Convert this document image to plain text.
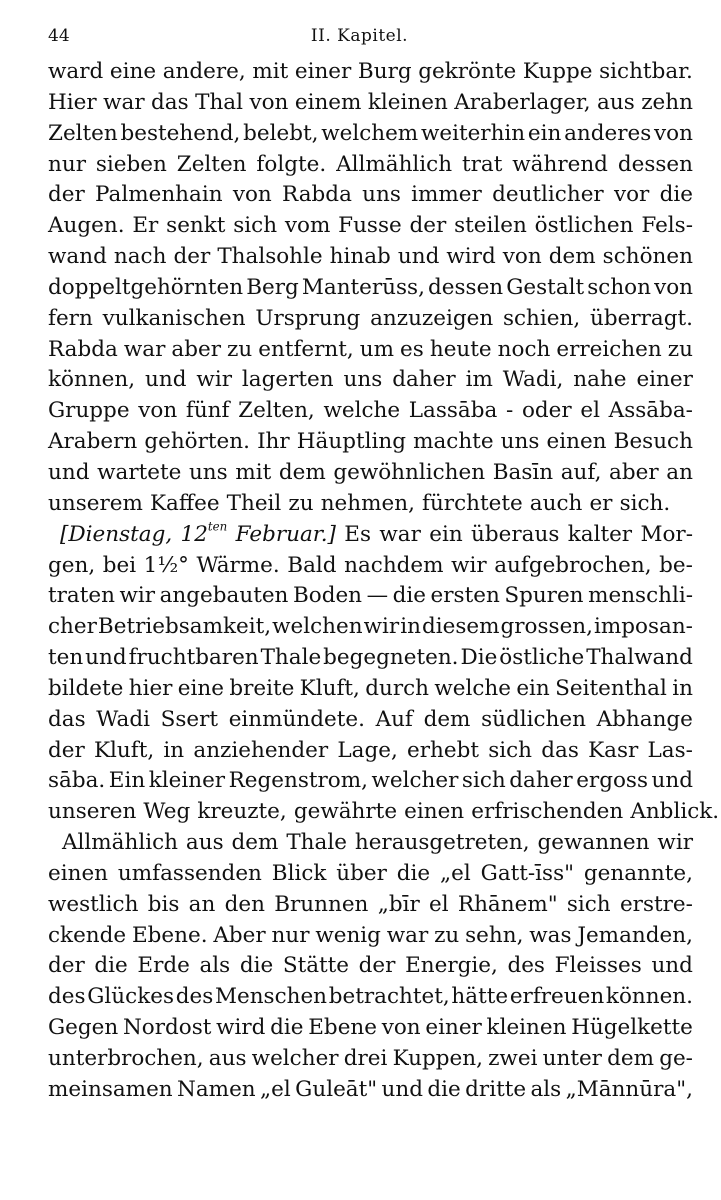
44	II. Kapitel.
ward eine andere, mit einer Burg gekrönte Kuppe sichtbar.
Hier war das Thal von einem kleinen Araberlager, aus zehn
Zelten bestehend, belebt, welchem weiterhin ein anderes von
nur sieben Zelten folgte. Allmählich trat während dessen
der Palmenhain von Rabda uns immer deutlicher vor die
Augen. Er senkt sich vom Fusse der steilen östlichen Fels-
wand nach der Thalsohle hinab und wird von dem schönen
doppeltgehörnten Berg Manterūss, dessen Gestalt schon von
fern vulkanischen Ursprung anzuzeigen schien, überragt.
Rabda war aber zu entfernt, um es heute noch erreichen zu
können, und wir lagerten uns daher im Wadi, nahe einer
Gruppe von fünf Zelten, welche Lassāba - oder el Assāba-
Arabern gehörten. Ihr Häuptling machte uns einen Besuch
und wartete uns mit dem gewöhnlichen Basīn auf, aber an
unserem Kaffee Theil zu nehmen, fürchtete auch er sich.
[Dienstag, $12^{ten}$ Februar.] Es war ein überaus kalter Mor-
gen, bei 1½° Wärme. Bald nachdem wir aufgebrochen, be-
traten wir angebauten Boden — die ersten Spuren menschli-
cher Betriebsamkeit, welchen wir in diesem grossen, imposan-
ten und fruchtbaren Thale begegneten. Die östliche Thalwand
bildete hier eine breite Kluft, durch welche ein Seitenthal in
das Wadi Ssert einmündete. Auf dem südlichen Abhange
der Kluft, in anziehender Lage, erhebt sich das Kasr Las-
sāba. Ein kleiner Regenstrom, welcher sich daher ergoss und
unseren Weg kreuzte, gewährte einen erfrischenden Anblick.
Allmählich aus dem Thale herausgetreten, gewannen wir
einen umfassenden Blick über die „el Gatt-īss" genannte,
westlich bis an den Brunnen „bīr el Rhānem" sich erstre-
ckende Ebene. Aber nur wenig war zu sehn, was Jemanden,
der die Erde als die Stätte der Energie, des Fleisses und
des Glückes des Menschen betrachtet, hätte erfreuen können.
Gegen Nordost wird die Ebene von einer kleinen Hügelkette
unterbrochen, aus welcher drei Kuppen, zwei unter dem ge-
meinsamen Namen „el Guleāt" und die dritte als „Mānnūra",
